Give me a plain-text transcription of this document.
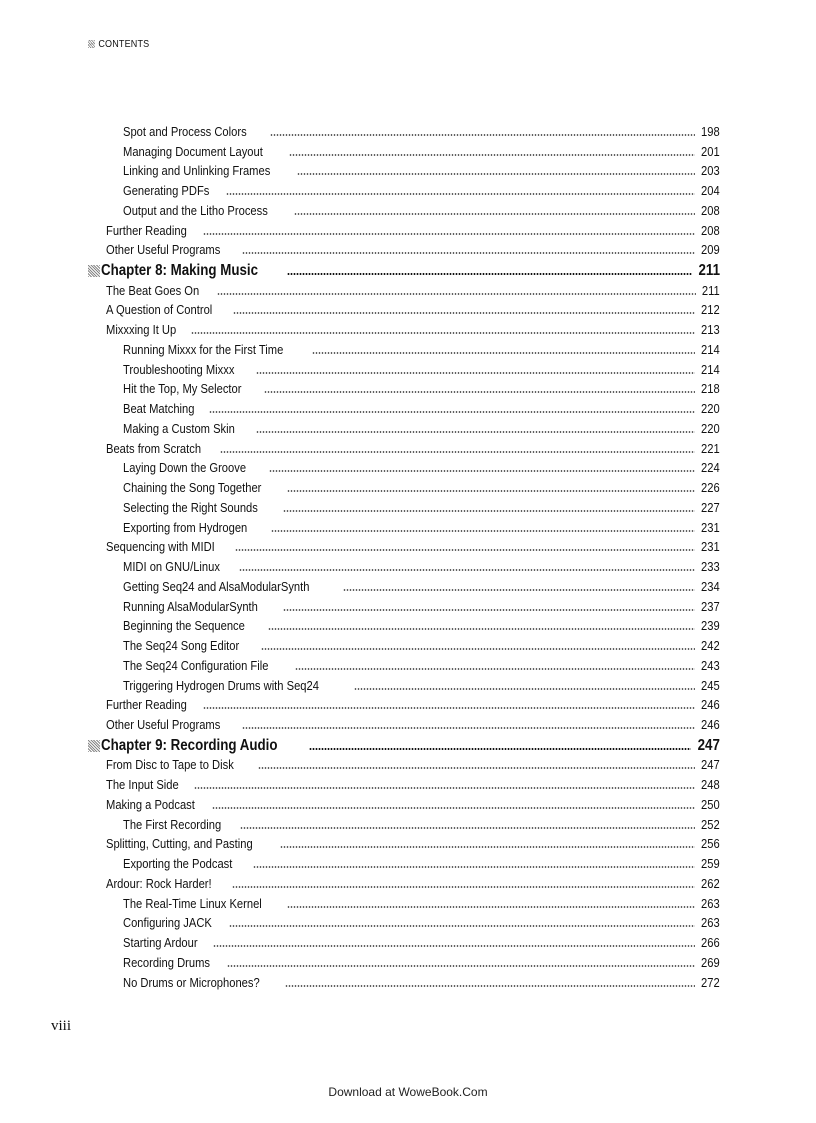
CONTENTS
Spot and Process Colors	198
Managing Document Layout	201
Linking and Unlinking Frames	203
Generating PDFs	204
Output and the Litho Process	208
Further Reading	208
Other Useful Programs	209
Chapter 8: Making Music	211
The Beat Goes On	211
A Question of Control	212
Mixxxing It Up	213
Running Mixxx for the First Time	214
Troubleshooting Mixxx	214
Hit the Top, My Selector	218
Beat Matching	220
Making a Custom Skin	220
Beats from Scratch	221
Laying Down the Groove	224
Chaining the Song Together	226
Selecting the Right Sounds	227
Exporting from Hydrogen	231
Sequencing with MIDI	231
MIDI on GNU/Linux	233
Getting Seq24 and AlsaModularSynth	234
Running AlsaModularSynth	237
Beginning the Sequence	239
The Seq24 Song Editor	242
The Seq24 Configuration File	243
Triggering Hydrogen Drums with Seq24	245
Further Reading	246
Other Useful Programs	246
Chapter 9: Recording Audio	247
From Disc to Tape to Disk	247
The Input Side	248
Making a Podcast	250
The First Recording	252
Splitting, Cutting, and Pasting	256
Exporting the Podcast	259
Ardour: Rock Harder!	262
The Real-Time Linux Kernel	263
Configuring JACK	263
Starting Ardour	266
Recording Drums	269
No Drums or Microphones?	272
viii
Download at WoweBook.Com
